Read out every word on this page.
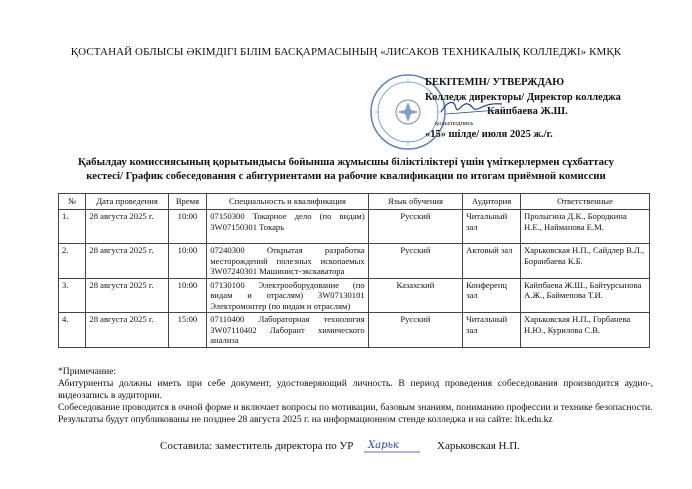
ҚОСТАНАЙ ОБЛЫСЫ ӘКІМДІГІ БІЛІМ БАСҚАРМАСЫНЫҢ «ЛИСАКОВ ТЕХНИКАЛЫҚ КОЛЛЕДЖІ» КМҚК
БЕКІТЕМІН/ УТВЕРЖДАЮ
Колледж директоры/ Директор колледжа
Кайпбаева Ж.Ш.
қолы/подпись
«15» шілде/ июля 2025 ж./г.
Қабылдау комиссиясының қорытындысы бойынша жұмысшы біліктіліктері үшін үміткерлермен сұхбаттасу
кестесі/ График собеседования с абитуриентами на рабочие квалификации по итогам приёмной комиссии
№	Дата проведения	Время	Специальность и квалификация	Язык обучения	Аудитория	Ответственные
1.	28 августа 2025 г.	10:00	07150300 Токарное дело (по видам) 3W07150301 Токарь	Русский	Читальный зал	Пролыгина Д.К., Бородкина Н.Е., Найманова Е.М.
2.	28 августа 2025 г.	10:00	07240300 Открытая разработка месторождений полезных ископаемых 3W07240301 Машинист-экскаватора	Русский	Актовый зал	Харьковская Н.П., Сайдлер В.Л., Боранбаева К.Б.
3.	28 августа 2025 г.	10:00	07130100 Электрооборудование (по видам и отраслям) 3W07130101 Электромонтер (по видам и отраслям)	Казахский	Конференц зал	Кайпбаева Ж.Ш., Байтурсынова А.Ж., Баймепова Т.И.
4.	28 августа 2025 г.	15:00	07110400 Лабораторная технология 3W07110402 Лаборант химического анализа	Русский	Читальный зал	Харьковская Н.П., Горбанева Н.Ю., Курилова С.В.

*Примечание:

Абитуриенты должны иметь при себе документ, удостоверяющий личность. В период проведения собеседования производится аудио-, видеозапись в аудитории.

Собеседование проводится в очной форме и включает вопросы по мотивации, базовым знаниям, пониманию профессии и технике безопасности.

Результаты будут опубликованы не позднее 28 августа 2025 г. на информационном стенде колледжа и на сайте: ltk.edu.kz

Составила: заместитель директора по УР	Харьковская Н.П.
Харьк
